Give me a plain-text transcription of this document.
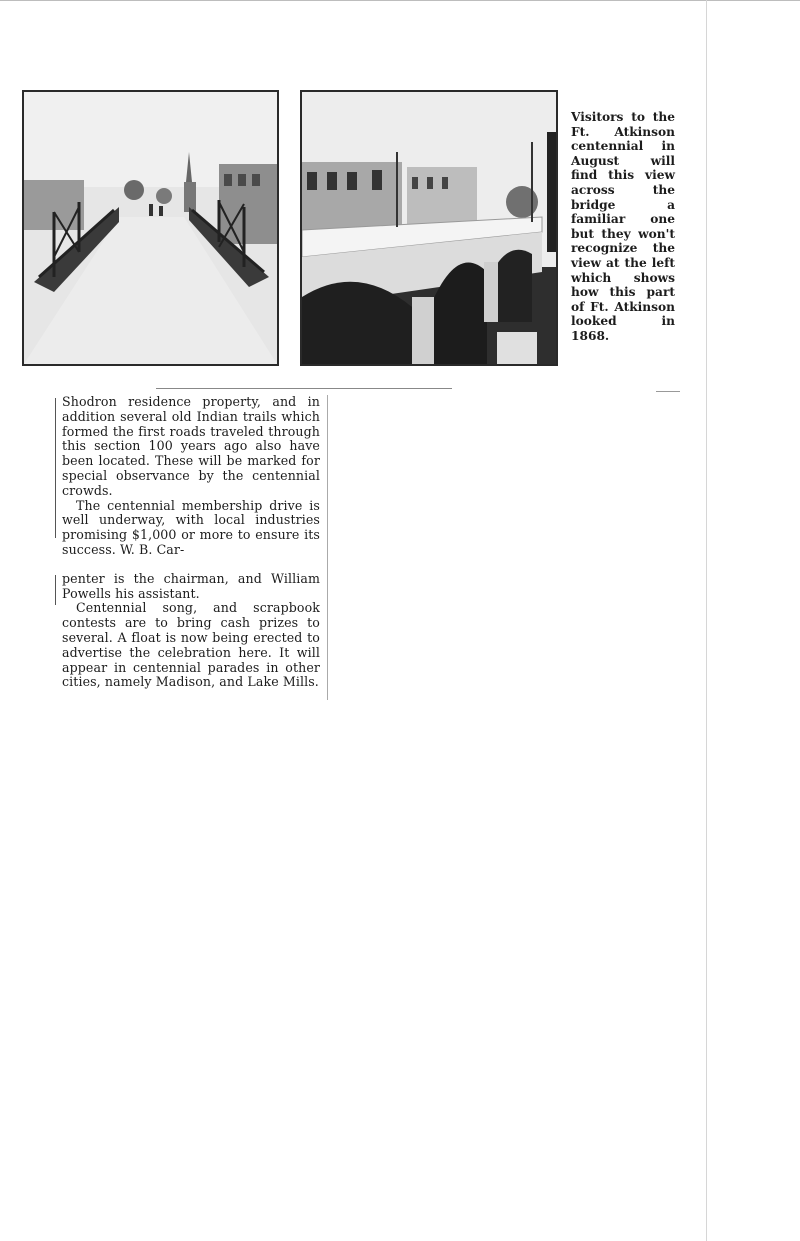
Visitors to the Ft. Atkinson centennial in August will find this view across the bridge a familiar one but they won't recognize the view at the left which shows how this part of Ft. Atkinson looked in 1868.

Shodron residence property, and in addition several old Indian trails which formed the first roads traveled through this section 100 years ago also have been located. These will be marked for special observance by the centennial crowds.

The centennial membership drive is well underway, with local industries promising $1,000 or more to ensure its success. W. B. Car-

penter is the chairman, and William Powells his assistant.

Centennial song, and scrapbook contests are to bring cash prizes to several. A float is now being erected to advertise the celebration here. It will appear in centennial parades in other cities, namely Madison, and Lake Mills.
